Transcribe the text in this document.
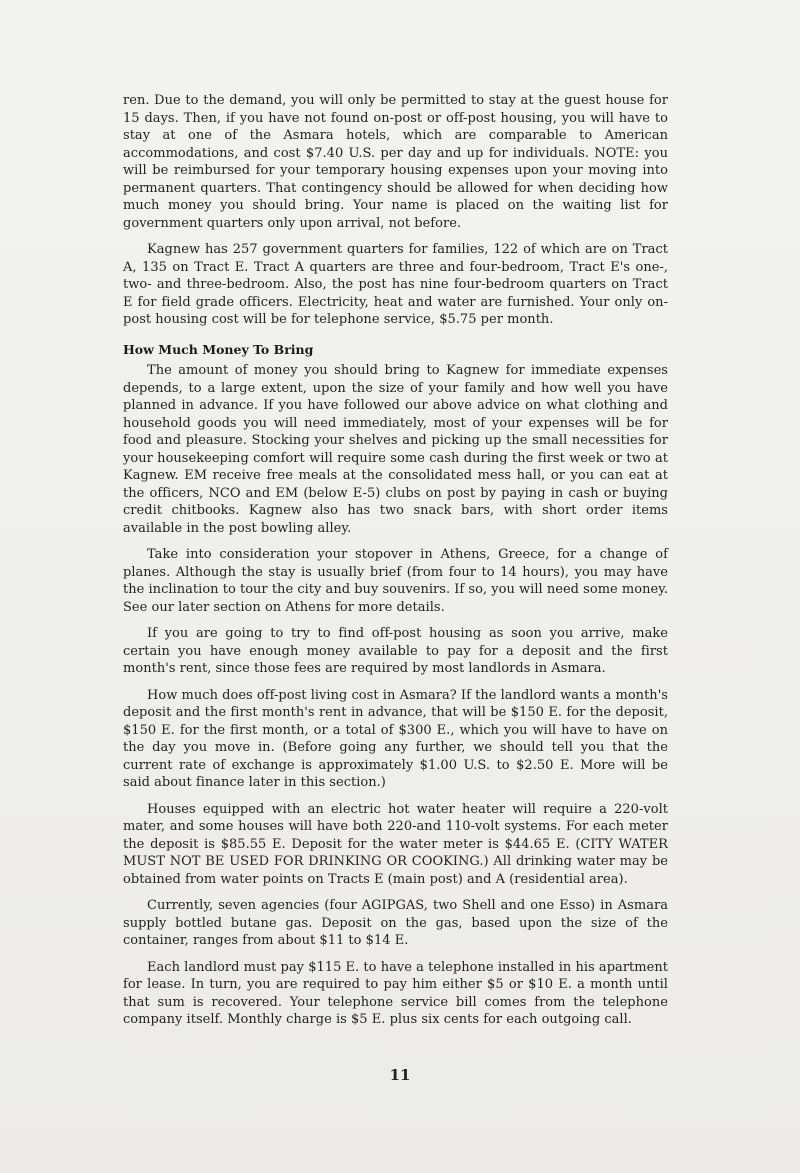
ren. Due to the demand, you will only be permitted to stay at the guest house for 15 days. Then, if you have not found on-post or off-post housing, you will have to stay at one of the Asmara hotels, which are comparable to American accommodations, and cost $7.40 U.S. per day and up for individuals. NOTE: you will be reimbursed for your temporary housing expenses upon your moving into permanent quarters. That contingency should be allowed for when deciding how much money you should bring. Your name is placed on the waiting list for government quarters only upon arrival, not before.

Kagnew has 257 government quarters for families, 122 of which are on Tract A, 135 on Tract E. Tract A quarters are three and four-bedroom, Tract E's one-, two- and three-bedroom. Also, the post has nine four-bedroom quarters on Tract E for field grade officers. Electricity, heat and water are furnished. Your only on-post housing cost will be for telephone service, $5.75 per month.

How Much Money To Bring

The amount of money you should bring to Kagnew for immediate expenses depends, to a large extent, upon the size of your family and how well you have planned in advance. If you have followed our above advice on what clothing and household goods you will need immediately, most of your expenses will be for food and pleasure. Stocking your shelves and picking up the small necessities for your housekeeping comfort will require some cash during the first week or two at Kagnew. EM receive free meals at the consolidated mess hall, or you can eat at the officers, NCO and EM (below E-5) clubs on post by paying in cash or buying credit chitbooks. Kagnew also has two snack bars, with short order items available in the post bowling alley.

Take into consideration your stopover in Athens, Greece, for a change of planes. Although the stay is usually brief (from four to 14 hours), you may have the inclination to tour the city and buy souvenirs. If so, you will need some money. See our later section on Athens for more details.

If you are going to try to find off-post housing as soon you arrive, make certain you have enough money available to pay for a deposit and the first month's rent, since those fees are required by most landlords in Asmara.

How much does off-post living cost in Asmara? If the landlord wants a month's deposit and the first month's rent in advance, that will be $150 E. for the deposit, $150 E. for the first month, or a total of $300 E., which you will have to have on the day you move in. (Before going any further, we should tell you that the current rate of exchange is approximately $1.00 U.S. to $2.50 E. More will be said about finance later in this section.)

Houses equipped with an electric hot water heater will require a 220-volt mater, and some houses will have both 220-and 110-volt systems. For each meter the deposit is $85.55 E. Deposit for the water meter is $44.65 E. (CITY WATER MUST NOT BE USED FOR DRINKING OR COOKING.) All drinking water may be obtained from water points on Tracts E (main post) and A (residential area).

Currently, seven agencies (four AGIPGAS, two Shell and one Esso) in Asmara supply bottled butane gas. Deposit on the gas, based upon the size of the container, ranges from about $11 to $14 E.

Each landlord must pay $115 E. to have a telephone installed in his apartment for lease. In turn, you are required to pay him either $5 or $10 E. a month until that sum is recovered. Your telephone service bill comes from the telephone company itself. Monthly charge is $5 E. plus six cents for each outgoing call.

11
